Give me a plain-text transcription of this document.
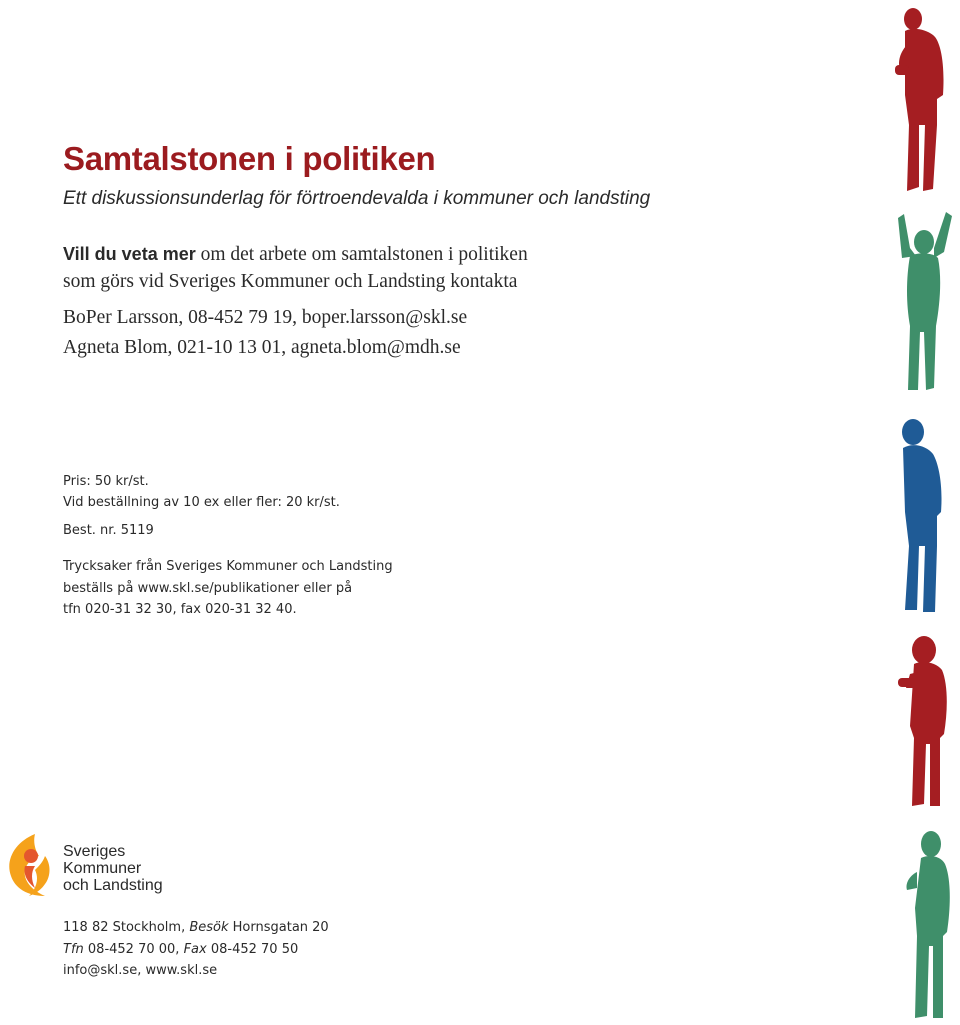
Samtalstonen i politiken
Ett diskussionsunderlag för förtroendevalda i kommuner och landsting
Vill du veta mer om det arbete om samtalstonen i politiken
som görs vid Sveriges Kommuner och Landsting kontakta
BoPer Larsson, 08-452 79 19, boper.larsson@skl.se
Agneta Blom, 021-10 13 01, agneta.blom@mdh.se
Pris: 50 kr/st.
Vid beställning av 10 ex eller fler: 20 kr/st.
Best. nr. 5119
Trycksaker från Sveriges Kommuner och Landsting
beställs på www.skl.se/publikationer eller på
tfn 020-31 32 30, fax 020-31 32 40.
Sveriges
Kommuner
och Landsting
118 82 Stockholm, Besök Hornsgatan 20
Tfn 08-452 70 00, Fax 08-452 70 50
info@skl.se, www.skl.se
